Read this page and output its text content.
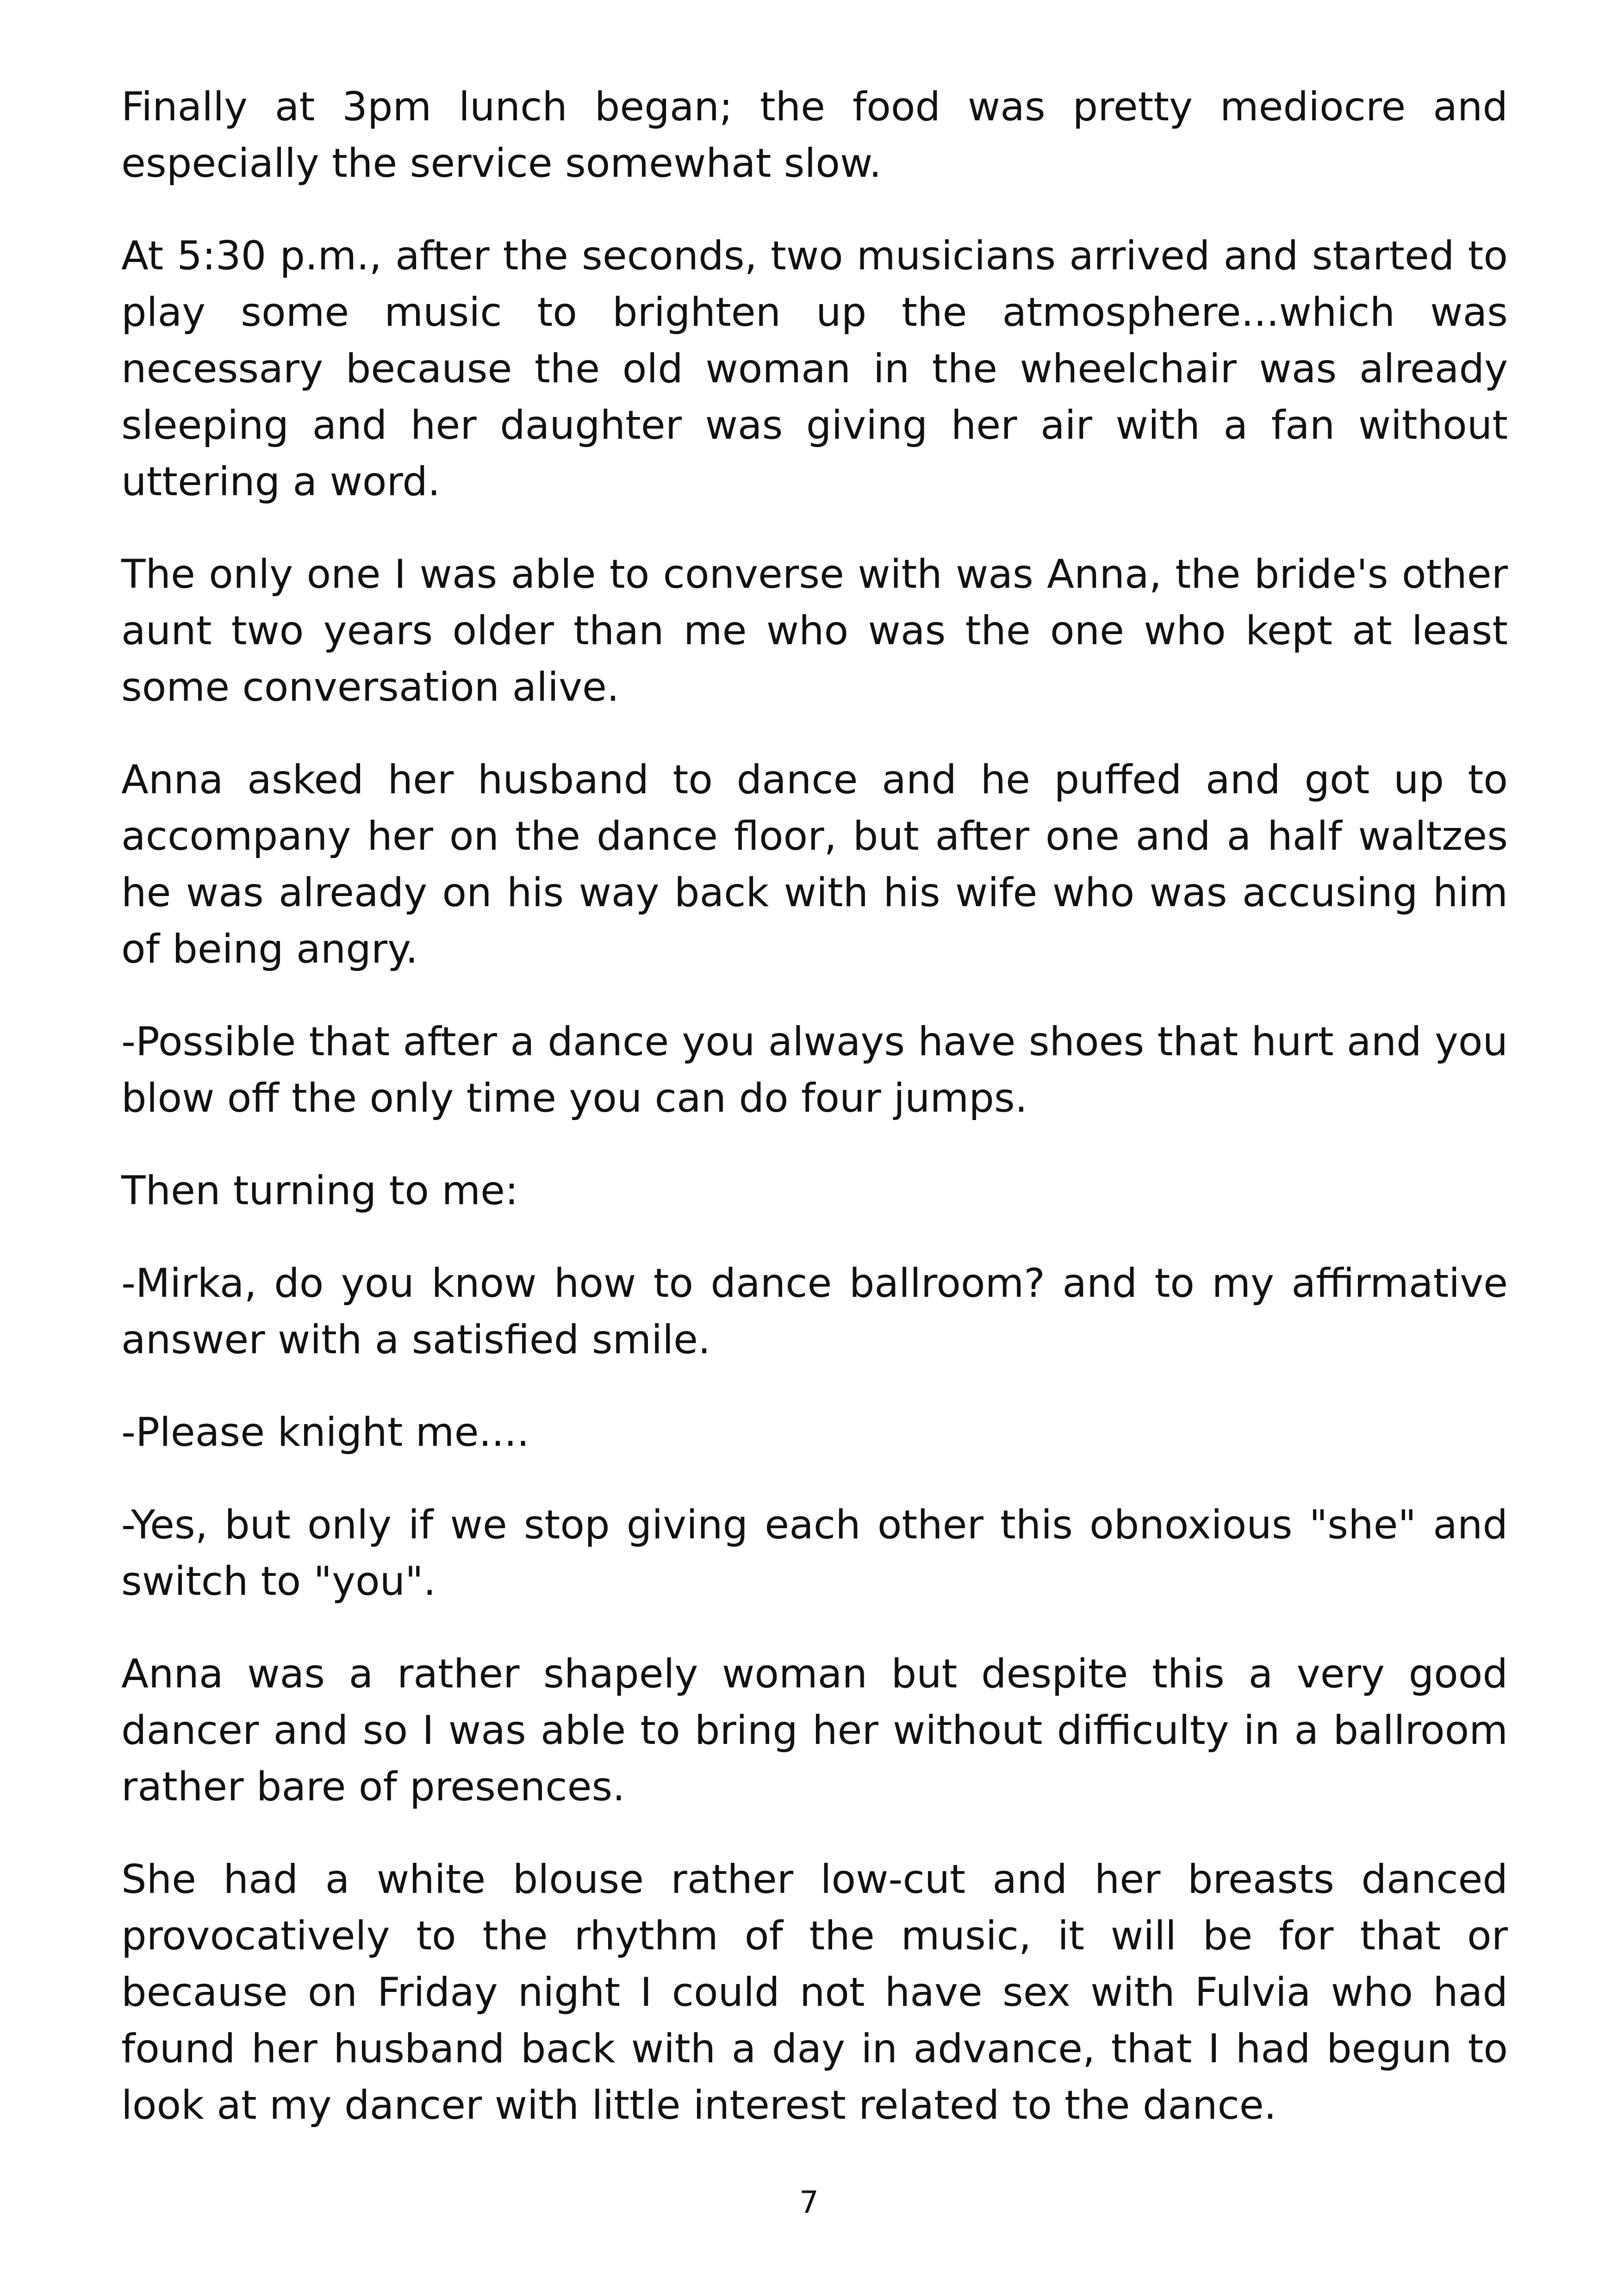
Finally at 3pm lunch began; the food was pretty mediocre and especially the service somewhat slow.

At 5:30 p.m., after the seconds, two musicians arrived and started to play some music to brighten up the atmosphere...which was necessary because the old woman in the wheelchair was already sleeping and her daughter was giving her air with a fan without uttering a word.

The only one I was able to converse with was Anna, the bride's other aunt two years older than me who was the one who kept at least some conversation alive.

Anna asked her husband to dance and he puffed and got up to accompany her on the dance floor, but after one and a half waltzes he was already on his way back with his wife who was accusing him of being angry.

-Possible that after a dance you always have shoes that hurt and you blow off the only time you can do four jumps.

Then turning to me:

-Mirka, do you know how to dance ballroom? and to my affirmative answer with a satisfied smile.

-Please knight me....

-Yes, but only if we stop giving each other this obnoxious "she" and switch to "you".

Anna was a rather shapely woman but despite this a very good dancer and so I was able to bring her without difficulty in a ballroom rather bare of presences.

She had a white blouse rather low-cut and her breasts danced provocatively to the rhythm of the music, it will be for that or because on Friday night I could not have sex with Fulvia who had found her husband back with a day in advance, that I had begun to look at my dancer with little interest related to the dance.

7
